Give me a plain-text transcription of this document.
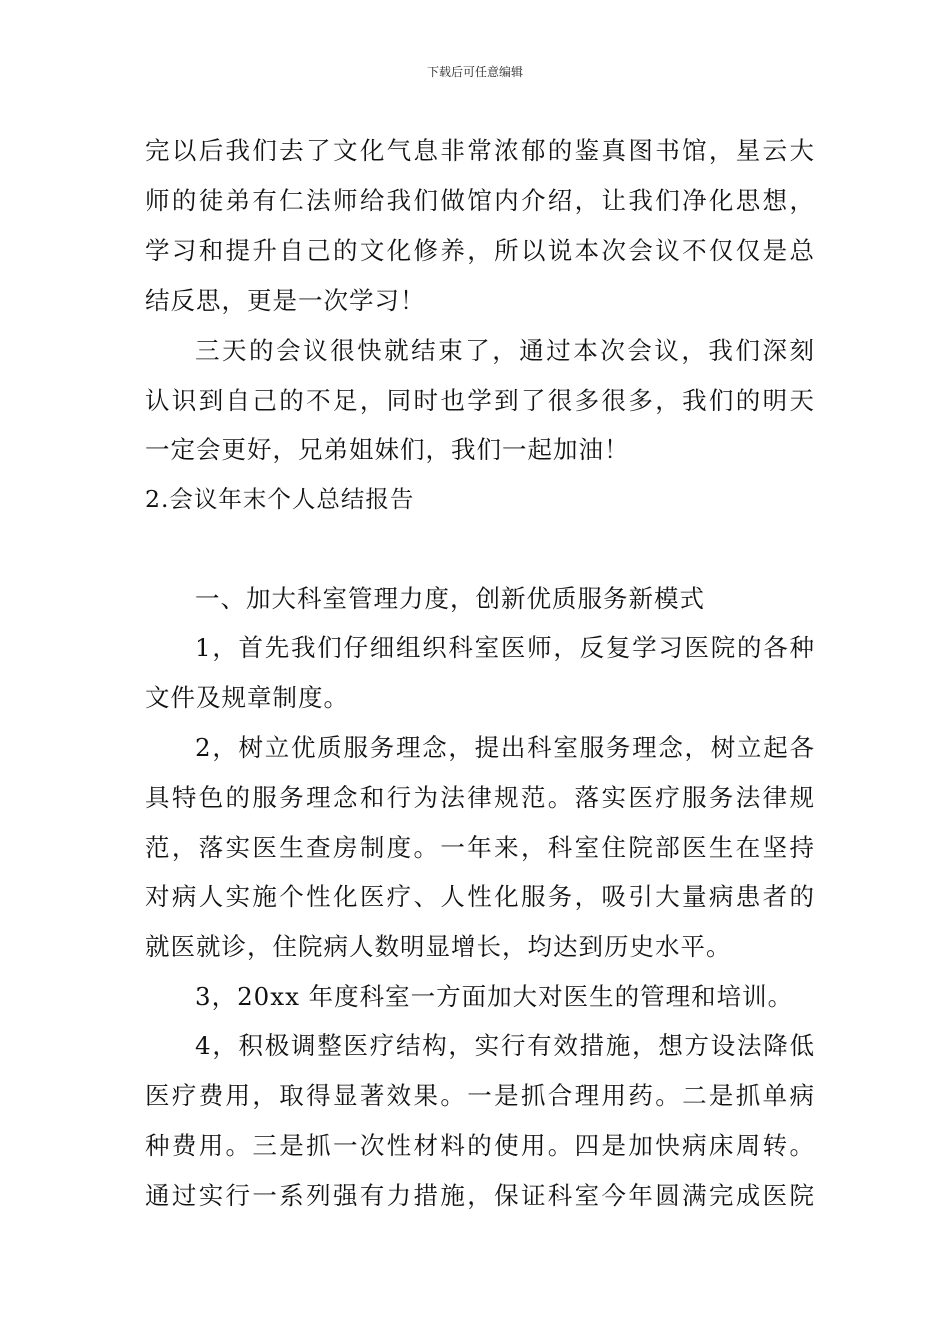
下载后可任意编辑
完以后我们去了文化气息非常浓郁的鉴真图书馆，星云大
师的徒弟有仁法师给我们做馆内介绍，让我们净化思想，
学习和提升自己的文化修养，所以说本次会议不仅仅是总
结反思，更是一次学习！
三天的会议很快就结束了，通过本次会议，我们深刻
认识到自己的不足，同时也学到了很多很多，我们的明天
一定会更好，兄弟姐妹们，我们一起加油！
2.会议年末个人总结报告
一、加大科室管理力度，创新优质服务新模式
1，首先我们仔细组织科室医师，反复学习医院的各种
文件及规章制度。
2，树立优质服务理念，提出科室服务理念，树立起各
具特色的服务理念和行为法律规范。落实医疗服务法律规
范，落实医生查房制度。一年来，科室住院部医生在坚持
对病人实施个性化医疗、人性化服务，吸引大量病患者的
就医就诊，住院病人数明显增长，均达到历史水平。
3，20xx 年度科室一方面加大对医生的管理和培训。
4，积极调整医疗结构，实行有效措施，想方设法降低
医疗费用，取得显著效果。一是抓合理用药。二是抓单病
种费用。三是抓一次性材料的使用。四是加快病床周转。
通过实行一系列强有力措施，保证科室今年圆满完成医院
